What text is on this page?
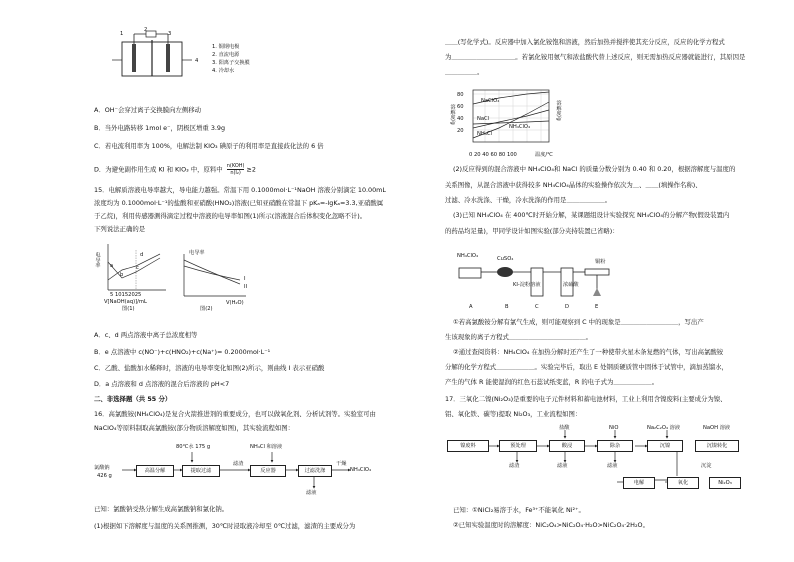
1
2
3
4
1. 铜钢电极
2. 直流电源
3. 阳离子交换膜
4. 冷却水
A．OH⁻会穿过离子交换膜向左侧移动
B．当外电路转移 1mol e⁻，阴极区增重 3.9g
C．若电流利用率为 100%，电解法制 KIO₃ 碘原子的利用率是直接歧化法的 6 倍
D．为避免副作用生成 KI 和 KIO₃ 中，原料中 n(KOH)
n(I₂) ≥2
15．电解质溶液电导率越大，导电能力越强。常温下用 0.1000mol·L⁻¹NaOH 溶液分别滴定 10.00mL
浓度均为 0.1000mol·L⁻¹的盐酸和亚硝酸(HNO₂)溶液(已知亚硝酸在常温下 pKₐ=-lgKₐ=3.3,亚硝酸属
于乙烷)，利用传感器测得滴定过程中溶液的电导率如图(1)所示(溶液混合后体积变化忽略不计)。
下列说法正确的是
电导率 a
b
c
d
5 10152025
V[NaOH(aq)]/mL
图(1)
电导率
I
II
V(H₂O)
图(2)
A．c、d 两点溶液中离子总浓度相等
B．e 点溶液中 c(NO⁻)+c(HNO₂)+c(Na⁺)= 0.2000mol·L⁻¹
C．乙酸、盐酸加水稀释时，溶液的电导率变化如图(2)所示，则曲线 I 表示亚硝酸
D．a 点溶液和 d 点溶液的混合后溶液的 pH<7
二、非选择题（共 55 分）
16．高氯酸铵(NH₄ClO₄)是复合火箭推进剂的重要成分，也可以做氧化剂、分析试剂等。实验室可由
NaClO₄等原料制取高氯酸铵(部分物质溶解度如图)，其实验流程如图：
氯酸钠
426 g
80℃水 175 g	NH₄Cl 和溶液
高温分解	提取过滤
滤渣
反应器	过滤洗涤
干燥
NH₄ClO₄
滤液
已知：氯酸钠受热分解生成高氯酸钠和氯化钠。
(1)根据如下溶解度与温度的关系图推测，30℃时浸取液冷却至 0℃过滤，滤渣的主要成分为
＿＿(写化学式)。反应器中加入氯化铵饱和溶液，然后加热并搅拌使其充分反应，反应的化学方程式
为＿＿＿＿＿＿＿＿＿＿。若氯化铵用氨气和浓盐酸代替上述反应，则无需加热反应器就能进行，其原因是
＿＿＿＿＿。
80
60
40
20
溶解度/g	溶解度/g
NaClO₄
NH₄ClO₄
NH₄Cl
NaCl
0 20 40 60 80 100	温度/℃
(2)反应得到的混合溶液中 NH₄ClO₄和 NaCl 的质量分数分别为 0.40 和 0.20，根据溶解度与温度的
关系图像，从混合溶液中获得较多 NH₄ClO₄晶体的实验操作依次为＿、＿＿(填操作名称)、
过滤、冷水洗涤、干燥，冷水洗涤的作用是＿＿＿＿＿＿。
(3)已知 NH₄ClO₄ 在 400℃时开始分解，某课题组设计实验探究 NH₄ClO₄的分解产物(假设装置内
的药品均足量)，甲同学设计如图实验(部分夹持装置已省略)：
NH₄ClO₄	CuSO₄
KI-淀粉溶液	浓硫酸
铜粉
A	B	C	D	E
①若高氯酸铵分解有氯气生成，则可能观察到 C 中的现象是＿＿＿＿＿＿＿＿＿，写出产
生该现象的离子方程式＿＿＿＿＿＿＿＿＿＿＿＿。
②通过查阅资料：NH₄ClO₄ 在加热分解时还产生了一种使带火星木条复燃的气体，写出高氯酸铵
分解的化学方程式＿＿＿＿＿＿。实验完毕后，取出 E 处钢质硬质管中固体于试管中，滴加蒸馏水，
产生的气体 R 能使湿润的红色石蕊试纸变蓝，R 的电子式为＿＿＿＿＿＿。
17．三氧化二镍(Ni₂O₃)是重要的电子元件材料和蓄电池材料，工业上利用含镍废料(主要成分为镍、
铝、氧化铁、碳等)提取 Ni₂O₃，工业流程如图：
镍废料	预处理	酸浸	除杂	沉镍	沉镍转化
盐酸	NiO	Na₂C₂O₄ 溶液	NaOH 溶液
滤渣	滤液	滤液	沉淀
电解	氧化	Ni₂O₃
已知：①NiCl₂易溶于水，Fe³⁺不能氧化 Ni²⁺。
②已知实验温度时的溶解度：NiC₂O₄>NiC₂O₄·H₂O>NiC₂O₄·2H₂O。
